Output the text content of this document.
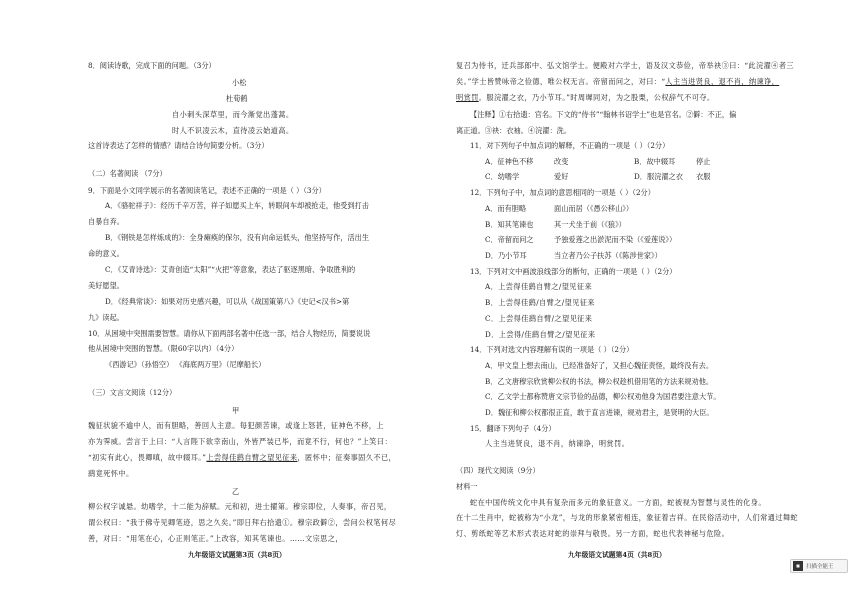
8．阅读诗歌，完成下面的问题。（3分）
小松
杜荀鹤
自小刺头深草里，而今渐觉出蓬蒿。
时人不识凌云木，直待凌云始道高。
这首诗表达了怎样的情感？请结合诗句简要分析。（3分）
（二）名著阅读 （7分）
9．下面是小文同学展示的名著阅读笔记，表述不正确的一项是（ ）（3分）
A．《骆驼祥子》：经历千辛万苦，祥子如愿买上车，转眼间车却被抢走，他受到打击
自暴自弃。
B．《钢铁是怎样炼成的》：全身瘫痪的保尔，没有向命运低头，他坚持写作，活出生
命的意义。
C．《艾青诗选》：艾青创造“太阳”“火把”等意象，表达了驱逐黑暗、争取胜利的
美好愿望。
D．《经典常谈》：如果对历史感兴趣，可以从《战国策第八》《史记<汉书>第
九》读起。
10．从困境中突围需要智慧。请你从下面两部名著中任选一部，结合人物经历，简要说说
他从困境中突围的智慧。（限60字以内）（4分）
《西游记》（孙悟空） 《海底两万里》（尼摩船长）
（三）文言文阅读（12分）
甲
魏征状貌不逾中人，而有胆略，善回人主意。每犯颜苦谏，或逢上怒甚，征神色不移，上
亦为霁威。尝言于上曰：“人言陛下欲幸南山，外皆严装已毕，而竟不行，何也？”上笑曰：
“初实有此心，畏卿嗔，故中辍耳。”上尝得佳鹞自臂之望见征来，匿怀中；征奏事固久不已，
鹞竟死怀中。
乙
柳公权字诚悬。幼嗜学，十二能为辞赋。元和初，进士擢第。穆宗即位，人奏事，帝召见，
谓公权曰：“我于佛寺见卿笔迹，思之久矣。”即日拜右拾遗①。穆宗政僻②，尝问公权笔何尽
善，对曰：“用笔在心，心正则笔正。”上改容，知其笔谏也。……文宗思之，
九年级语文试题第3页（共8页）
复召为侍书，迁兵部郎中、弘文馆学士。便殿对六学士，语及汉文恭俭，帝举袂③曰：“此浣濯④者三
矣。”学士皆赞咏帝之俭德，唯公权无言。帝留而问之，对曰：“人主当进贤良，退不肖，纳谏诤，
明赏罚。服浣濯之衣，乃小节耳。”时周墀同对，为之股栗，公权辞气不可夺。
【注释】①右拾遗：官名。下文的“侍书”“翰林书诏学士”也是官名。②僻：不正，偏
离正道。③袂：衣袖。④浣濯：洗。
11．对下列句子中加点词的解释，不正确的一项是（ ）（2分）
A．征神色不移	改变	B．故中辍耳	停止
C．幼嗜学	爱好	D．服浣濯之衣 衣服
12．下列句子中，加点词的意思相同的一项是（ ）（2分）
A．而有胆略	面山而居（《愚公移山》）
B．知其笔谏也	其一犬坐于前（《狼》）
C．帝留而问之	予独爱莲之出淤泥而不染（《爱莲说》）
D．乃小节耳	当立者乃公子扶苏（《陈涉世家》）
13．下列对文中画波浪线部分的断句，正确的一项是（ ）（2分）
A．上尝得佳鹞自臂之/望见征来
B．上尝得佳鹞/自臂之/望见征来
C．上尝得佳鹞自臂/之望见征来
D．上尝得/佳鹞自臂之/望见征来
14．下列对选文内容理解有误的一项是（ ）（2分）
A．甲文皇上想去南山，已经准备好了，又担心魏征责怪，最终没有去。
B．乙文唐穆宗欣赏柳公权的书法，柳公权趁机借用笔的方法来规劝他。
C．乙文学士都称赞唐文宗节俭的品德，柳公权劝他身为国君要注意大节。
D．魏征和柳公权都很正直，敢于直言进谏，规劝君主，是贤明的大臣。
15．翻译下列句子（4分）
人主当进贤良，退不肖，纳谏诤，明赏罚。
（四）现代文阅读（9分）
材料一
蛇在中国传统文化中具有复杂而多元的象征意义。一方面，蛇被视为智慧与灵性的化身。
在十二生肖中，蛇被称为“小龙”，与龙的形象紧密相连，象征着吉祥。在民俗活动中，人们常通过舞蛇
灯、剪纸蛇等艺术形式表达对蛇的崇拜与敬畏。另一方面，蛇也代表神秘与危险。
九年级语文试题第4页（共8页）
扫描全能王
